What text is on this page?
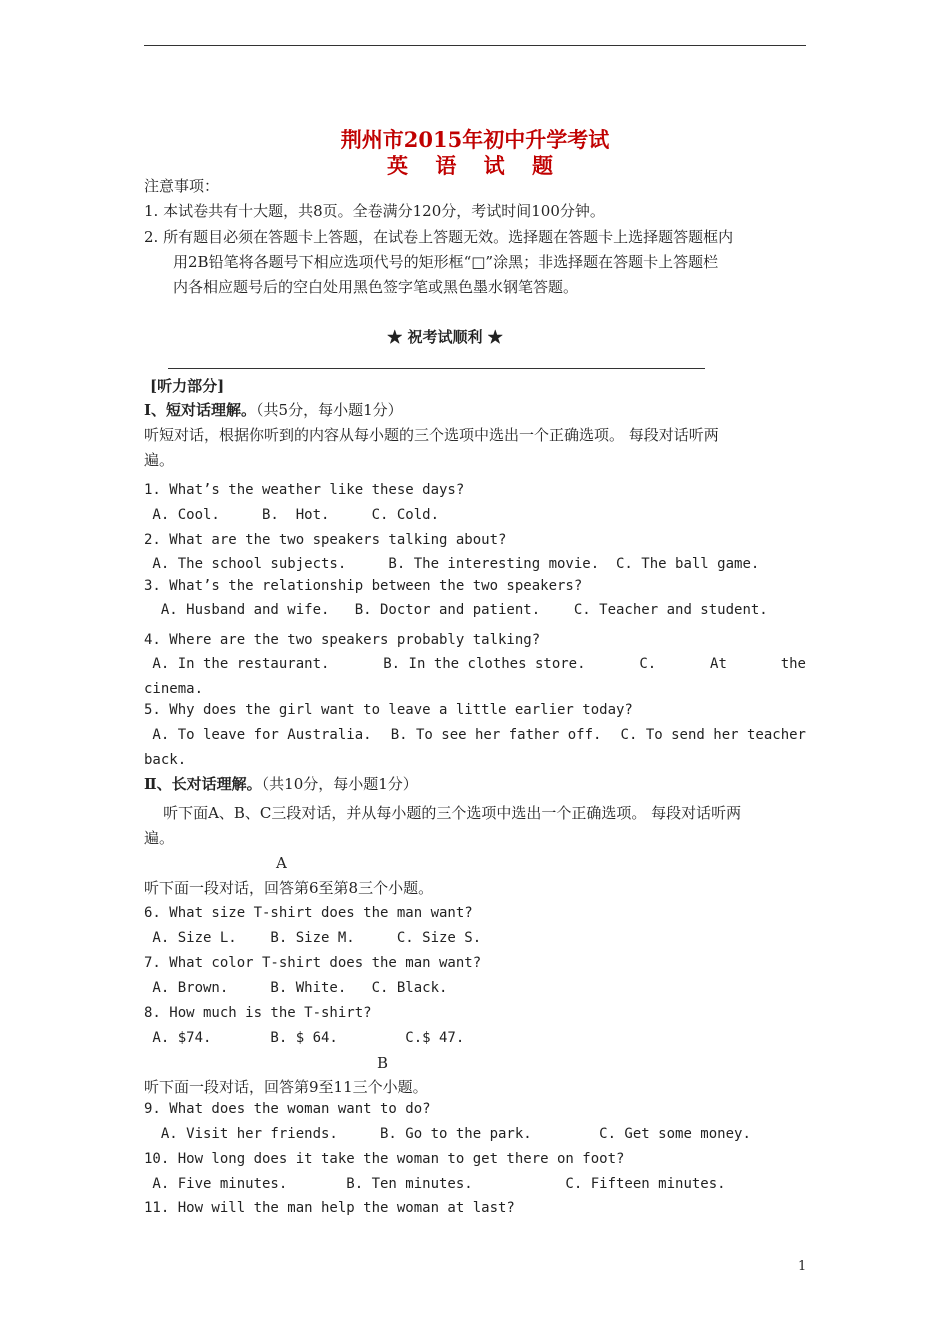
荆州市2015年初中升学考试
英 语 试 题
注意事项：
1. 本试卷共有十大题，共8页。全卷满分120分，考试时间100分钟。
2. 所有题目必须在答题卡上答题，在试卷上答题无效。选择题在答题卡上选择题答题框内
用2B铅笔将各题号下相应选项代号的矩形框“□”涂黑；非选择题在答题卡上答题栏
内各相应题号后的空白处用黑色签字笔或黑色墨水钢笔答题。
★ 祝考试顺利 ★
[听力部分]
Ⅰ、短对话理解。（共5分，每小题1分）
听短对话，根据你听到的内容从每小题的三个选项中选出一个正确选项。 每段对话听两
遍。
1. What’s the weather like these days?
A. Cool.     B.  Hot.     C. Cold.
2. What are the two speakers talking about?
A. The school subjects.     B. The interesting movie.  C. The ball game.
3. What’s the relationship between the two speakers?
A. Husband and wife.   B. Doctor and patient.    C. Teacher and student.
4. Where are the two speakers probably talking?
A. In the restaurant.	B. In the clothes store.	C.	At	the
cinema.
5. Why does the girl want to leave a little earlier today?
A. To leave for Australia. B. To see her father off. C. To send her teacher
back.
Ⅱ、长对话理解。（共10分，每小题1分）
听下面A、B、C三段对话，并从每小题的三个选项中选出一个正确选项。 每段对话听两
遍。
A
听下面一段对话，回答第6至第8三个小题。
6. What size T-shirt does the man want?
A. Size L.    B. Size M.     C. Size S.
7. What color T-shirt does the man want?
A. Brown.     B. White.   C. Black.
8. How much is the T-shirt?
A. $74.       B. $ 64.        C.$ 47.
B
听下面一段对话，回答第9至11三个小题。
9. What does the woman want to do?
A. Visit her friends.     B. Go to the park.        C. Get some money.
10. How long does it take the woman to get there on foot?
A. Five minutes.       B. Ten minutes.           C. Fifteen minutes.
11. How will the man help the woman at last?
1
